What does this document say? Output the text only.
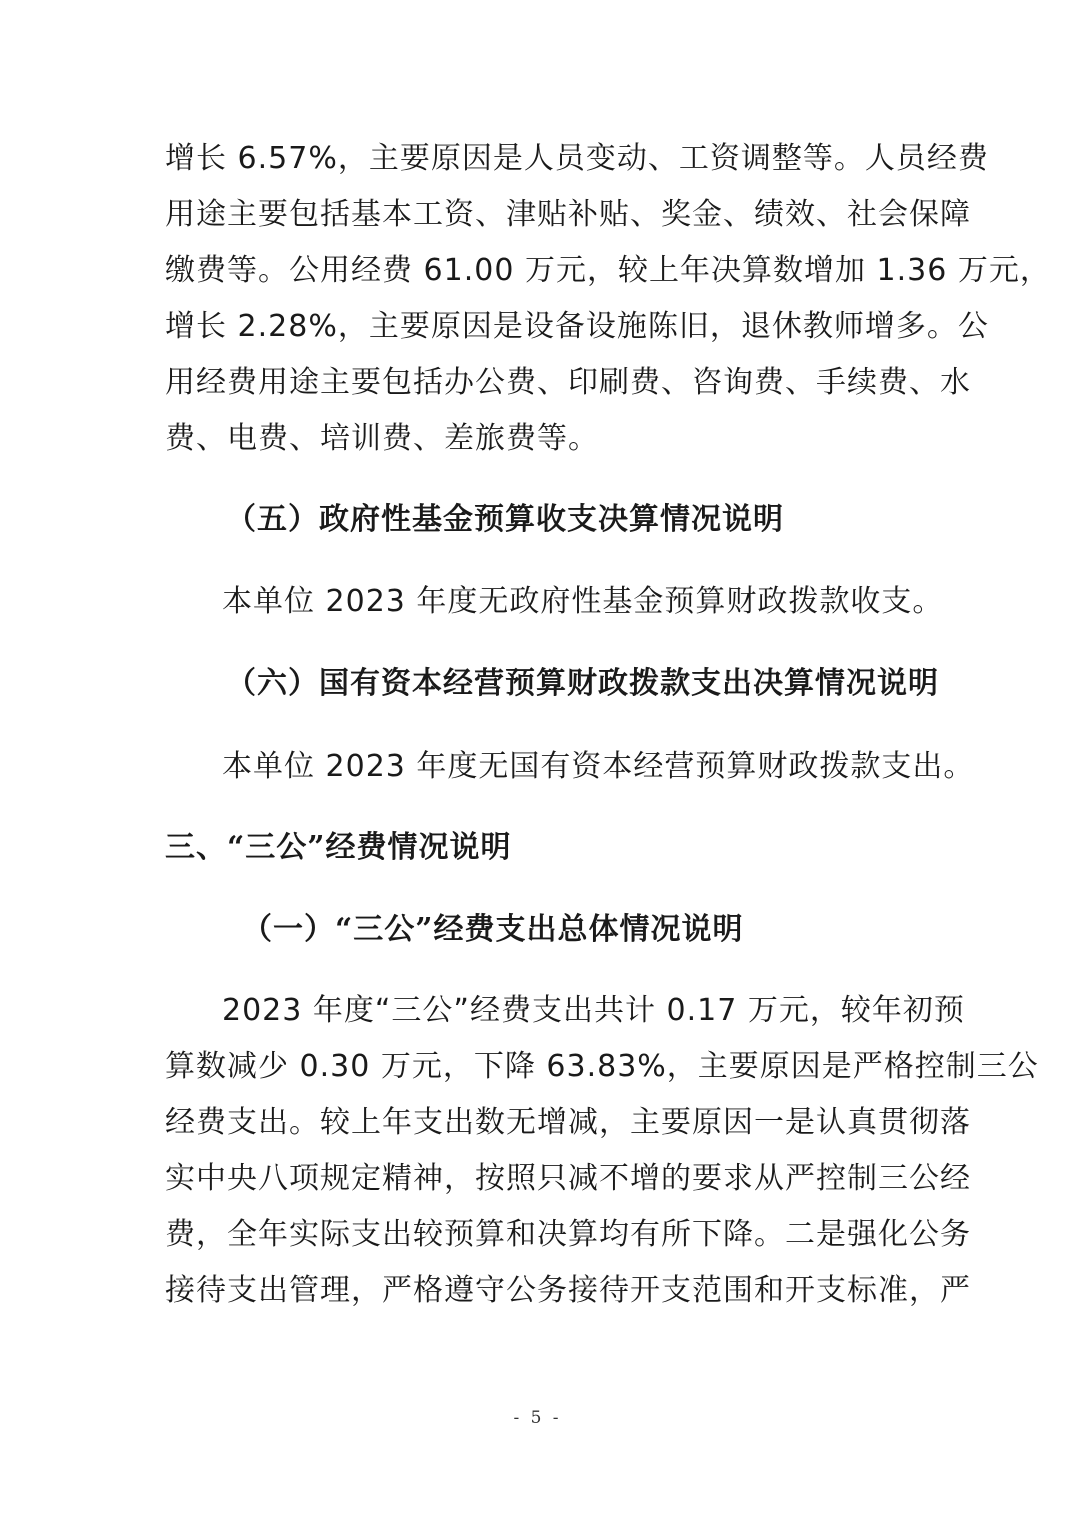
增长 6.57%，主要原因是人员变动、工资调整等。人员经费
用途主要包括基本工资、津贴补贴、奖金、绩效、社会保障
缴费等。公用经费 61.00 万元，较上年决算数增加 1.36 万元，
增长 2.28%，主要原因是设备设施陈旧，退休教师增多。公
用经费用途主要包括办公费、印刷费、咨询费、手续费、水
费、电费、培训费、差旅费等。
（五）政府性基金预算收支决算情况说明
本单位 2023 年度无政府性基金预算财政拨款收支。
（六）国有资本经营预算财政拨款支出决算情况说明
本单位 2023 年度无国有资本经营预算财政拨款支出。
三、“三公”经费情况说明
（一）“三公”经费支出总体情况说明
2023 年度“三公”经费支出共计 0.17 万元，较年初预
算数减少 0.30 万元，下降 63.83%，主要原因是严格控制三公
经费支出。较上年支出数无增减，主要原因一是认真贯彻落
实中央八项规定精神，按照只减不增的要求从严控制三公经
费，全年实际支出较预算和决算均有所下降。二是强化公务
接待支出管理，严格遵守公务接待开支范围和开支标准，严
- 5 -
